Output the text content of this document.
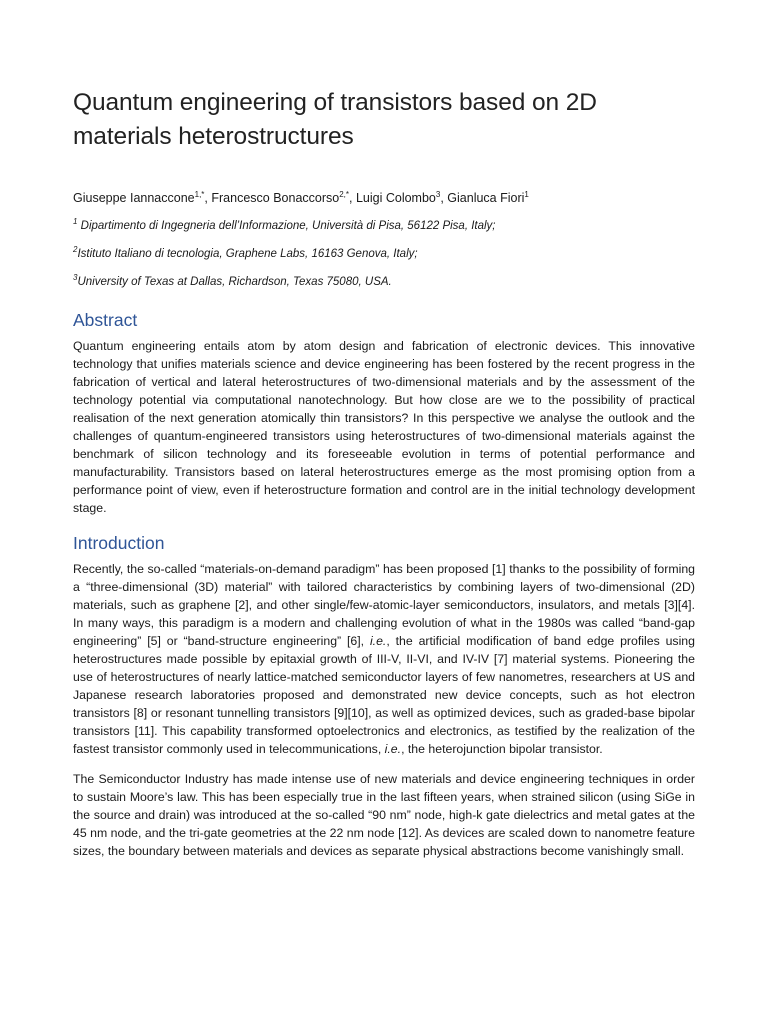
Quantum engineering of transistors based on 2D materials heterostructures
Giuseppe Iannaccone$^{1,*}$, Francesco Bonaccorso$^{2,*}$, Luigi Colombo$^3$, Gianluca Fiori$^1$
$^1$ Dipartimento di Ingegneria dell’Informazione, Università di Pisa, 56122 Pisa, Italy;
$^2$Istituto Italiano di tecnologia, Graphene Labs, 16163 Genova, Italy;
$^3$University of Texas at Dallas, Richardson, Texas 75080, USA.
Abstract

Quantum engineering entails atom by atom design and fabrication of electronic devices. This innovative technology that unifies materials science and device engineering has been fostered by the recent progress in the fabrication of vertical and lateral heterostructures of two-dimensional materials and by the assessment of the technology potential via computational nanotechnology. But how close are we to the possibility of practical realisation of the next generation atomically thin transistors? In this perspective we analyse the outlook and the challenges of quantum-engineered transistors using heterostructures of two-dimensional materials against the benchmark of silicon technology and its foreseeable evolution in terms of potential performance and manufacturability. Transistors based on lateral heterostructures emerge as the most promising option from a performance point of view, even if heterostructure formation and control are in the initial technology development stage.

Introduction

Recently, the so-called “materials-on-demand paradigm” has been proposed [1] thanks to the possibility of forming a “three-dimensional (3D) material” with tailored characteristics by combining layers of two-dimensional (2D) materials, such as graphene [2], and other single/few-atomic-layer semiconductors, insulators, and metals [3][4]. In many ways, this paradigm is a modern and challenging evolution of what in the 1980s was called “band-gap engineering” [5] or “band-structure engineering” [6], i.e., the artificial modification of band edge profiles using heterostructures made possible by epitaxial growth of III-V, II-VI, and IV-IV [7] material systems. Pioneering the use of heterostructures of nearly lattice-matched semiconductor layers of few nanometres, researchers at US and Japanese research laboratories proposed and demonstrated new device concepts, such as hot electron transistors [8] or resonant tunnelling transistors [9][10], as well as optimized devices, such as graded-base bipolar transistors [11]. This capability transformed optoelectronics and electronics, as testified by the realization of the fastest transistor commonly used in telecommunications, i.e., the heterojunction bipolar transistor.

The Semiconductor Industry has made intense use of new materials and device engineering techniques in order to sustain Moore’s law. This has been especially true in the last fifteen years, when strained silicon (using SiGe in the source and drain) was introduced at the so-called “90 nm” node, high-k gate dielectrics and metal gates at the 45 nm node, and the tri-gate geometries at the 22 nm node [12]. As devices are scaled down to nanometre feature sizes, the boundary between materials and devices as separate physical abstractions become vanishingly small.
